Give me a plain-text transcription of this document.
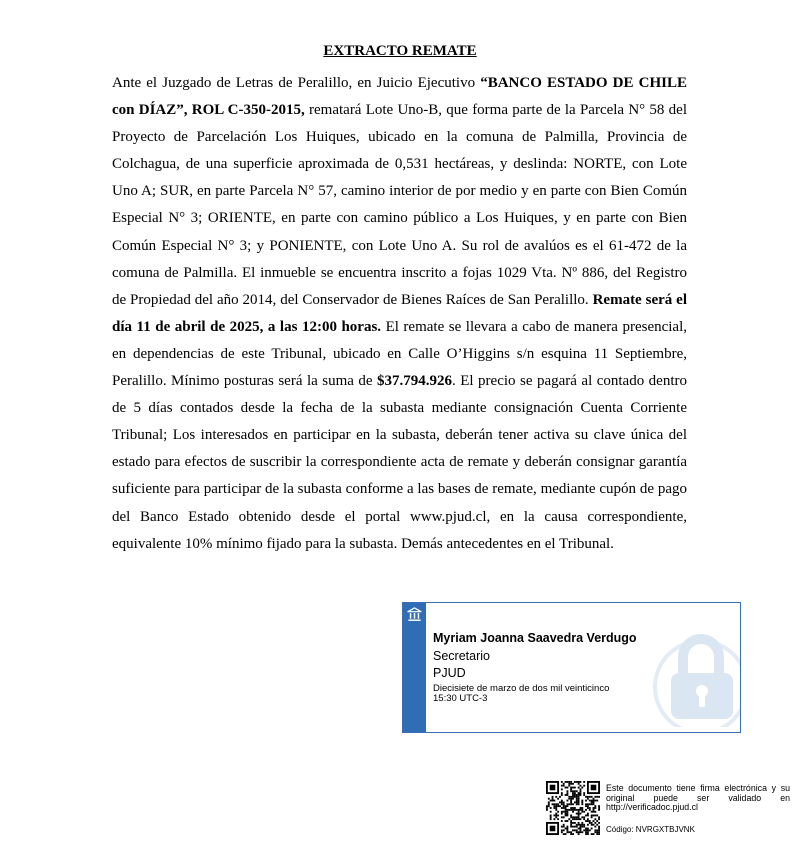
EXTRACTO REMATE

Ante el Juzgado de Letras de Peralillo, en Juicio Ejecutivo “BANCO ESTADO DE CHILE con DÍAZ”, ROL C-350-2015, rematará Lote Uno-B, que forma parte de la Parcela N° 58 del Proyecto de Parcelación Los Huiques, ubicado en la comuna de Palmilla, Provincia de Colchagua, de una superficie aproximada de 0,531 hectáreas, y deslinda: NORTE, con Lote Uno A; SUR, en parte Parcela N° 57, camino interior de por medio y en parte con Bien Común Especial N° 3; ORIENTE, en parte con camino público a Los Huiques, y en parte con Bien Común Especial N° 3; y PONIENTE, con Lote Uno A. Su rol de avalúos es el 61-472 de la comuna de Palmilla. El inmueble se encuentra inscrito a fojas 1029 Vta. Nº 886, del Registro de Propiedad del año 2014, del Conservador de Bienes Raíces de San Peralillo. Remate será el día 11 de abril de 2025, a las 12:00 horas. El remate se llevara a cabo de manera presencial, en dependencias de este Tribunal, ubicado en Calle O’Higgins s/n esquina 11 Septiembre, Peralillo. Mínimo posturas será la suma de $37.794.926. El precio se pagará al contado dentro de 5 días contados desde la fecha de la subasta mediante consignación Cuenta Corriente Tribunal; Los interesados en participar en la subasta, deberán tener activa su clave única del estado para efectos de suscribir la correspondiente acta de remate y deberán consignar garantía suficiente para participar de la subasta conforme a las bases de remate, mediante cupón de pago del Banco Estado obtenido desde el portal www.pjud.cl, en la causa correspondiente, equivalente 10% mínimo fijado para la subasta. Demás antecedentes en el Tribunal.

Myriam Joanna Saavedra Verdugo
Secretario
PJUD
Diecisiete de marzo de dos mil veinticinco
15:30 UTC-3

Este documento tiene firma electrónica y su original puede ser validado en http://verificadoc.pjud.cl

Código: NVRGXTBJVNK
